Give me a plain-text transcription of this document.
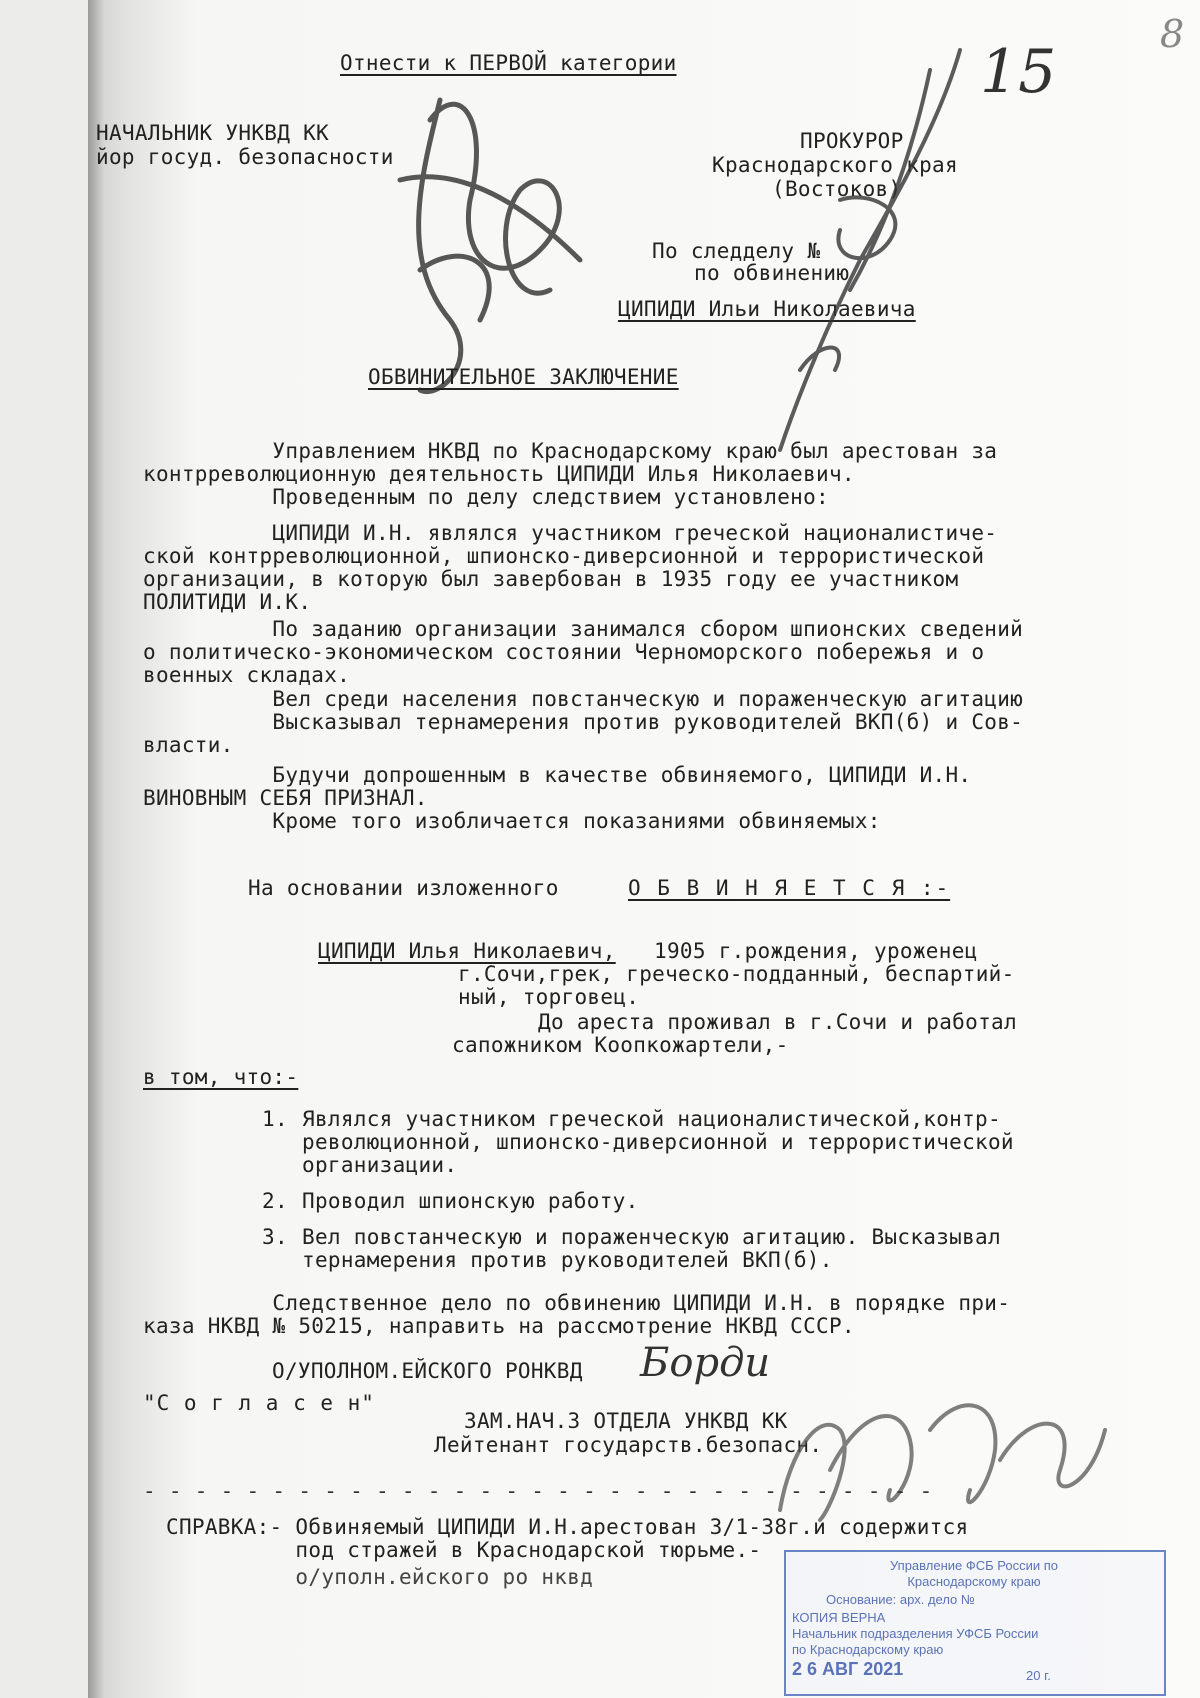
Отнести к ПЕРВОЙ категории	15
8
НАЧАЛЬНИК УНКВД КК
йор госуд. безопасности
ПРОКУРОР
Краснодарского края
(Востоков)
По следделу №
по обвинению
ЦИПИДИ Ильи Николаевича
ОБВИНИТЕЛЬНОЕ ЗАКЛЮЧЕНИЕ
Управлением НКВД по Краснодарскому краю был арестован за
контрреволюционную деятельность ЦИПИДИ Илья Николаевич.
Проведенным по делу следствием установлено:
ЦИПИДИ И.Н. являлся участником греческой националистиче-
ской контрреволюционной, шпионско-диверсионной и террористической
организации, в которую был завербован в 1935 году ее участником
ПОЛИТИДИ И.К.
По заданию организации занимался сбором шпионских сведений
о политическо-экономическом состоянии Черноморского побережья и о
военных складах.
Вел среди населения повстанческую и пораженческую агитацию
Высказывал тернамерения против руководителей ВКП(б) и Сов-
власти.
Будучи допрошенным в качестве обвиняемого, ЦИПИДИ И.Н.
ВИНОВНЫМ СЕБЯ ПРИЗНАЛ.
Кроме того изобличается показаниями обвиняемых:
На основании изложенного	О Б В И Н Я Е Т С Я :-
ЦИПИДИ Илья Николаевич, 1905 г.рождения, уроженец
г.Сочи,грек, греческо-подданный, беспартий-
ный, торговец.
До ареста проживал в г.Сочи и работал
сапожником Коопкожартели,-
в том, что:-
1. Являлся участником греческой националистической,контр-
революционной, шпионско-диверсионной и террористической
организации.
2. Проводил шпионскую работу.
3. Вел повстанческую и пораженческую агитацию. Высказывал
тернамерения против руководителей ВКП(б).
Следственное дело по обвинению ЦИПИДИ И.Н. в порядке при-
каза НКВД № 50215, направить на рассмотрение НКВД СССР.
О/УПОЛНОМ.ЕЙСКОГО РОНКВД Борди
"С о г л а с е н"
ЗАМ.НАЧ.3 ОТДЕЛА УНКВД КК
Лейтенант государств.безопасн.
- - - - - - - - - - - - - - - - - - - - - - - - - - - - - - -
СПРАВКА:- Обвиняемый ЦИПИДИ И.Н.арестован 3/1-38г.и содержится
под стражей в Краснодарской тюрьме.-
о/уполн.ейского ро нквд	Управление ФСБ России по
Краснодарскому краю
Основание: арх. дело №
КОПИЯ ВЕРНА
Начальник подразделения УФСБ России
по Краснодарскому краю
2 6 АВГ 2021	20 г.
